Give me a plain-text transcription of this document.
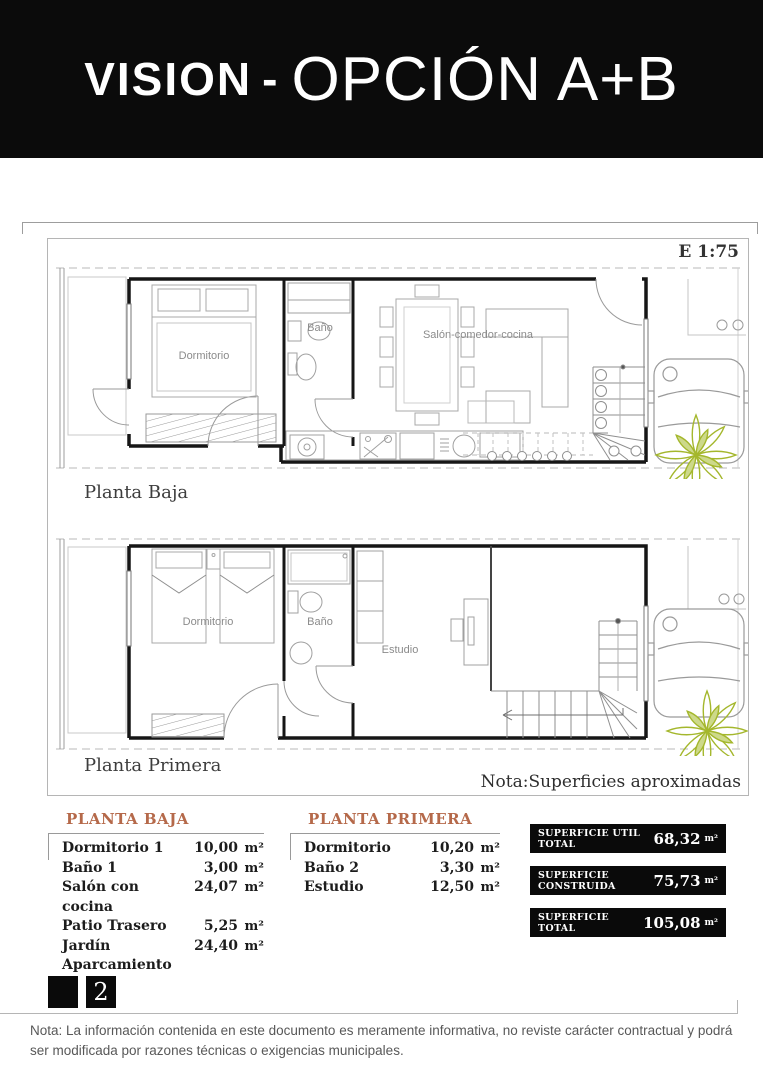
VISION - OPCIÓN A+B
E 1:75
Dormitorio
Baño
Salón-comedor-cocina
Planta Baja
Dormitorio	Baño
Estudio
Planta Primera
Nota:Superficies aproximadas
PLANTA BAJA
Dormitorio 1	10,00 m²
Baño 1	3,00 m²
Salón con cocina
24,07 m²
Patio Trasero	5,25 m²
Jardín Aparcamiento
24,40 m²
PLANTA PRIMERA
Dormitorio	10,20 m²
Baño 2	3,30 m²
Estudio	12,50 m²
SUPERFICIE UTIL TOTAL	68,32 m²
SUPERFICIE CONSTRUIDA	75,73 m²
SUPERFICIE TOTAL	105,08 m²
2
Nota: La información contenida en este documento es meramente informativa, no reviste carácter contractual y podrá ser modificada por razones técnicas o exigencias municipales.
